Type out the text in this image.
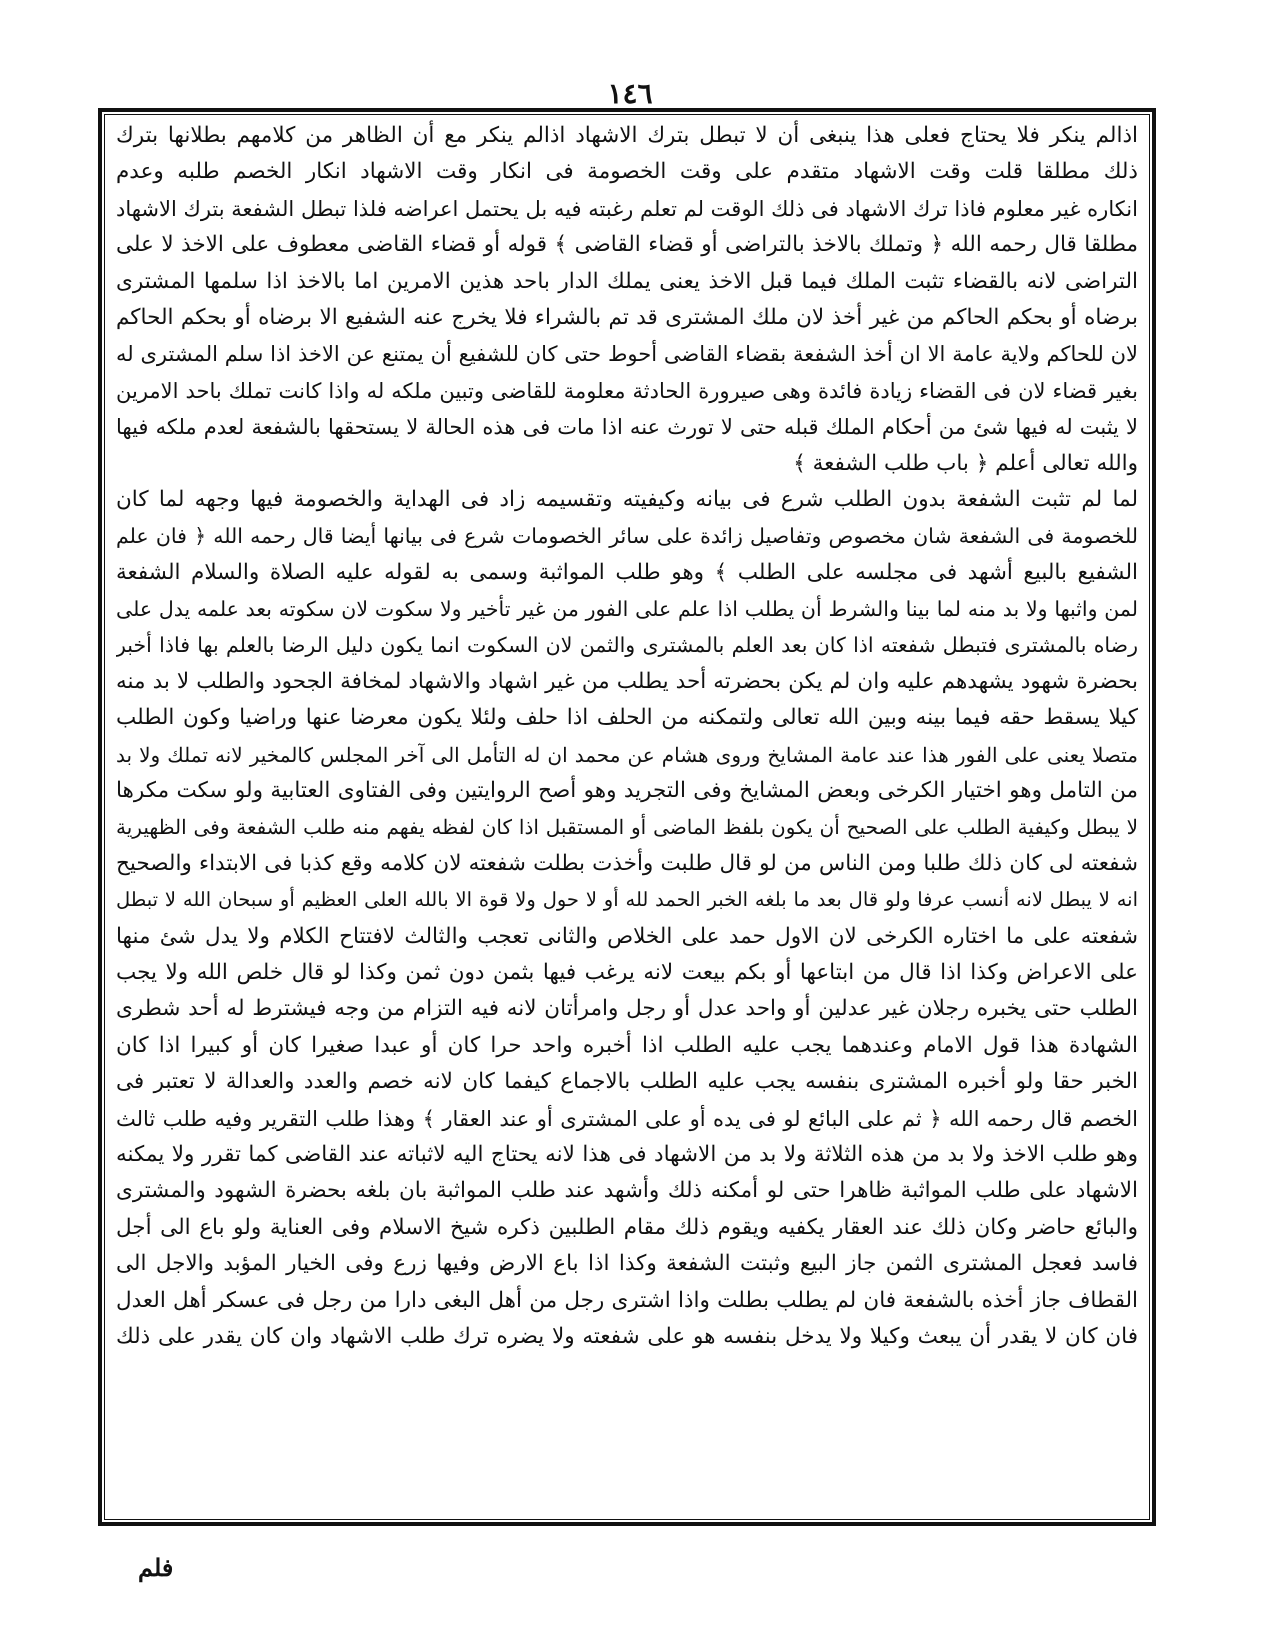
١٤٦
اذالم ينكر فلا يحتاج فعلى هذا ينبغى أن لا تبطل بترك الاشهاد اذالم ينكر مع أن الظاهر من كلامهم بطلانها بترك
ذلك مطلقا قلت وقت الاشهاد متقدم على وقت الخصومة فى انكار وقت الاشهاد انكار الخصم طلبه وعدم
انكاره غير معلوم فاذا ترك الاشهاد فى ذلك الوقت لم تعلم رغبته فيه بل يحتمل اعراضه فلذا تبطل الشفعة بترك الاشهاد
مطلقا قال رحمه الله ﴿ وتملك بالاخذ بالتراضى أو قضاء القاضى ﴾ قوله أو قضاء القاضى معطوف على الاخذ لا على
التراضى لانه بالقضاء تثبت الملك فيما قبل الاخذ يعنى يملك الدار باحد هذين الامرين اما بالاخذ اذا سلمها المشترى
برضاه أو بحكم الحاكم من غير أخذ لان ملك المشترى قد تم بالشراء فلا يخرج عنه الشفيع الا برضاه أو بحكم الحاكم
لان للحاكم ولاية عامة الا ان أخذ الشفعة بقضاء القاضى أحوط حتى كان للشفيع أن يمتنع عن الاخذ اذا سلم المشترى له
بغير قضاء لان فى القضاء زيادة فائدة وهى صيرورة الحادثة معلومة للقاضى وتبين ملكه له واذا كانت تملك باحد الامرين
لا يثبت له فيها شئ من أحكام الملك قبله حتى لا تورث عنه اذا مات فى هذه الحالة لا يستحقها بالشفعة لعدم ملكه فيها
والله تعالى أعلم ﴿ باب طلب الشفعة ﴾
لما لم تثبت الشفعة بدون الطلب شرع فى بيانه وكيفيته وتقسيمه زاد فى الهداية والخصومة فيها وجهه لما كان
للخصومة فى الشفعة شان مخصوص وتفاصيل زائدة على سائر الخصومات شرع فى بيانها أيضا قال رحمه الله ﴿ فان علم
الشفيع بالبيع أشهد فى مجلسه على الطلب ﴾ وهو طلب المواثبة وسمى به لقوله عليه الصلاة والسلام الشفعة
لمن واثبها ولا بد منه لما بينا والشرط أن يطلب اذا علم على الفور من غير تأخير ولا سكوت لان سكوته بعد علمه يدل على
رضاه بالمشترى فتبطل شفعته اذا كان بعد العلم بالمشترى والثمن لان السكوت انما يكون دليل الرضا بالعلم بها فاذا أخبر
بحضرة شهود يشهدهم عليه وان لم يكن بحضرته أحد يطلب من غير اشهاد والاشهاد لمخافة الجحود والطلب لا بد منه
كيلا يسقط حقه فيما بينه وبين الله تعالى ولتمكنه من الحلف اذا حلف ولئلا يكون معرضا عنها وراضيا وكون الطلب
متصلا يعنى على الفور هذا عند عامة المشايخ وروى هشام عن محمد ان له التأمل الى آخر المجلس كالمخير لانه تملك ولا بد
من التامل وهو اختيار الكرخى وبعض المشايخ وفى التجريد وهو أصح الروايتين وفى الفتاوى العتابية ولو سكت مكرها
لا يبطل وكيفية الطلب على الصحيح أن يكون بلفظ الماضى أو المستقبل اذا كان لفظه يفهم منه طلب الشفعة وفى الظهيرية
شفعته لى كان ذلك طلبا ومن الناس من لو قال طلبت وأخذت بطلت شفعته لان كلامه وقع كذبا فى الابتداء والصحيح
انه لا يبطل لانه أنسب عرفا ولو قال بعد ما بلغه الخبر الحمد لله أو لا حول ولا قوة الا بالله العلى العظيم أو سبحان الله لا تبطل
شفعته على ما اختاره الكرخى لان الاول حمد على الخلاص والثانى تعجب والثالث لافتتاح الكلام ولا يدل شئ منها
على الاعراض وكذا اذا قال من ابتاعها أو بكم بيعت لانه يرغب فيها بثمن دون ثمن وكذا لو قال خلص الله ولا يجب
الطلب حتى يخبره رجلان غير عدلين أو واحد عدل أو رجل وامرأتان لانه فيه التزام من وجه فيشترط له أحد شطرى
الشهادة هذا قول الامام وعندهما يجب عليه الطلب اذا أخبره واحد حرا كان أو عبدا صغيرا كان أو كبيرا اذا كان
الخبر حقا ولو أخبره المشترى بنفسه يجب عليه الطلب بالاجماع كيفما كان لانه خصم والعدد والعدالة لا تعتبر فى
الخصم قال رحمه الله ﴿ ثم على البائع لو فى يده أو على المشترى أو عند العقار ﴾ وهذا طلب التقرير وفيه طلب ثالث
وهو طلب الاخذ ولا بد من هذه الثلاثة ولا بد من الاشهاد فى هذا لانه يحتاج اليه لاثباته عند القاضى كما تقرر ولا يمكنه
الاشهاد على طلب المواثبة ظاهرا حتى لو أمكنه ذلك وأشهد عند طلب المواثبة بان بلغه بحضرة الشهود والمشترى
والبائع حاضر وكان ذلك عند العقار يكفيه ويقوم ذلك مقام الطلبين ذكره شيخ الاسلام وفى العناية ولو باع الى أجل
فاسد فعجل المشترى الثمن جاز البيع وثبتت الشفعة وكذا اذا باع الارض وفيها زرع وفى الخيار المؤبد والاجل الى
القطاف جاز أخذه بالشفعة فان لم يطلب بطلت واذا اشترى رجل من أهل البغى دارا من رجل فى عسكر أهل العدل
فان كان لا يقدر أن يبعث وكيلا ولا يدخل بنفسه هو على شفعته ولا يضره ترك طلب الاشهاد وان كان يقدر على ذلك
فلم
